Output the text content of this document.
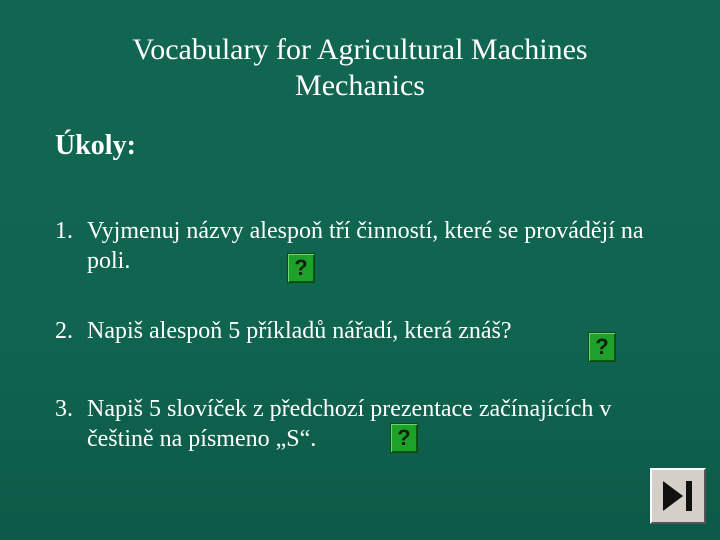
Vocabulary for Agricultural Machines
Mechanics
Úkoly:
1. Vyjmenuj názvy alespoň tří činností, které se provádějí na poli.
2. Napiš alespoň 5 příkladů nářadí, která znáš?
3. Napiš 5 slovíček z předchozí prezentace začínajících v češtině na písmeno „S“.
?
?
?
